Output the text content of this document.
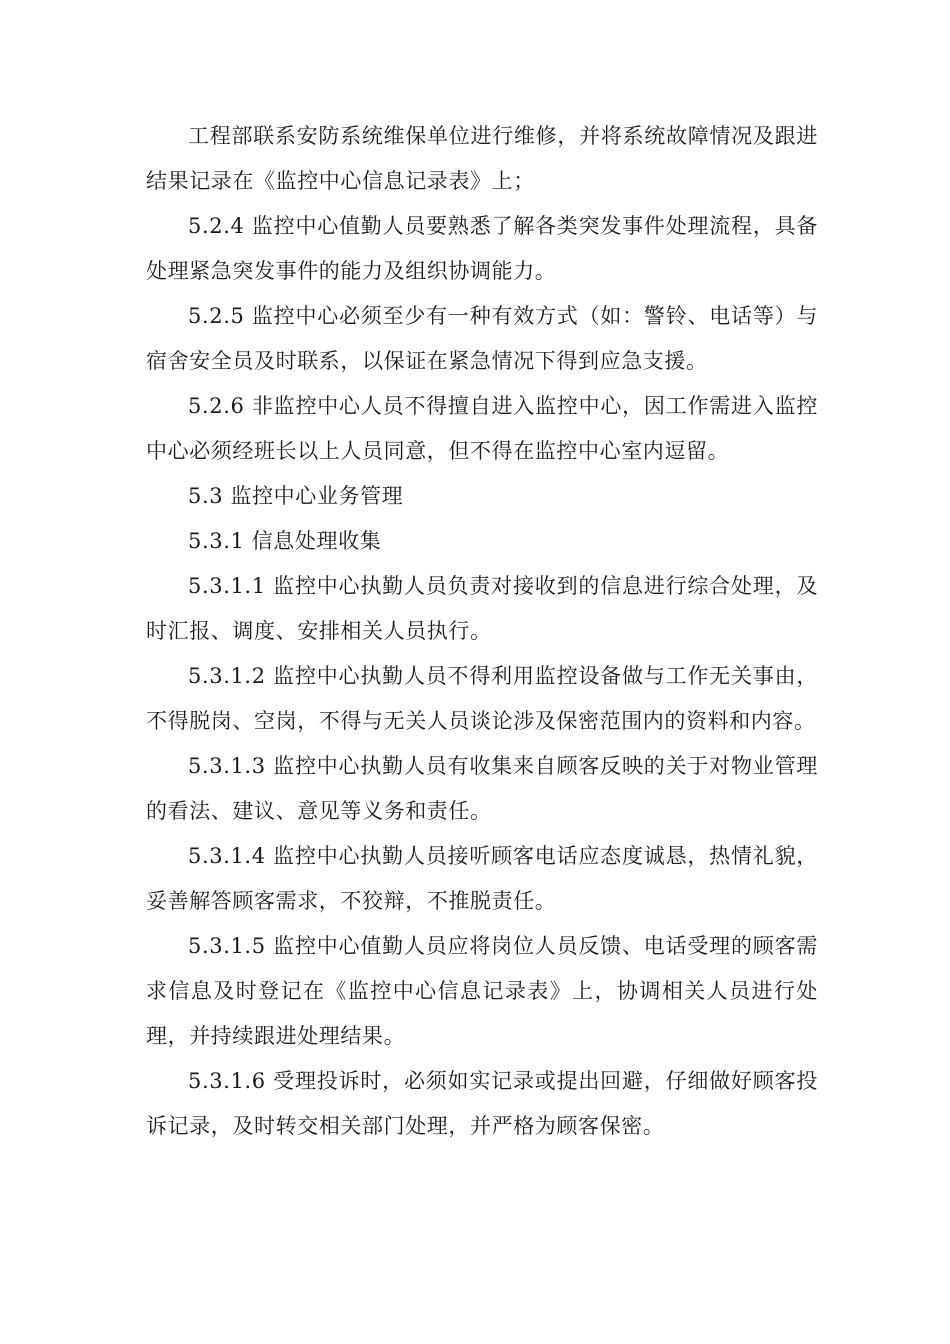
工程部联系安防系统维保单位进行维修，并将系统故障情况及跟进结果记录在《监控中心信息记录表》上；

5.2.4 监控中心值勤人员要熟悉了解各类突发事件处理流程，具备处理紧急突发事件的能力及组织协调能力。

5.2.5 监控中心必须至少有一种有效方式（如：警铃、电话等）与宿舍安全员及时联系，以保证在紧急情况下得到应急支援。

5.2.6 非监控中心人员不得擅自进入监控中心，因工作需进入监控中心必须经班长以上人员同意，但不得在监控中心室内逗留。

5.3 监控中心业务管理

5.3.1 信息处理收集

5.3.1.1 监控中心执勤人员负责对接收到的信息进行综合处理，及时汇报、调度、安排相关人员执行。

5.3.1.2 监控中心执勤人员不得利用监控设备做与工作无关事由，不得脱岗、空岗，不得与无关人员谈论涉及保密范围内的资料和内容。

5.3.1.3 监控中心执勤人员有收集来自顾客反映的关于对物业管理的看法、建议、意见等义务和责任。

5.3.1.4 监控中心执勤人员接听顾客电话应态度诚恳，热情礼貌，妥善解答顾客需求，不狡辩，不推脱责任。

5.3.1.5 监控中心值勤人员应将岗位人员反馈、电话受理的顾客需求信息及时登记在《监控中心信息记录表》上，协调相关人员进行处理，并持续跟进处理结果。

5.3.1.6 受理投诉时，必须如实记录或提出回避，仔细做好顾客投诉记录，及时转交相关部门处理，并严格为顾客保密。
